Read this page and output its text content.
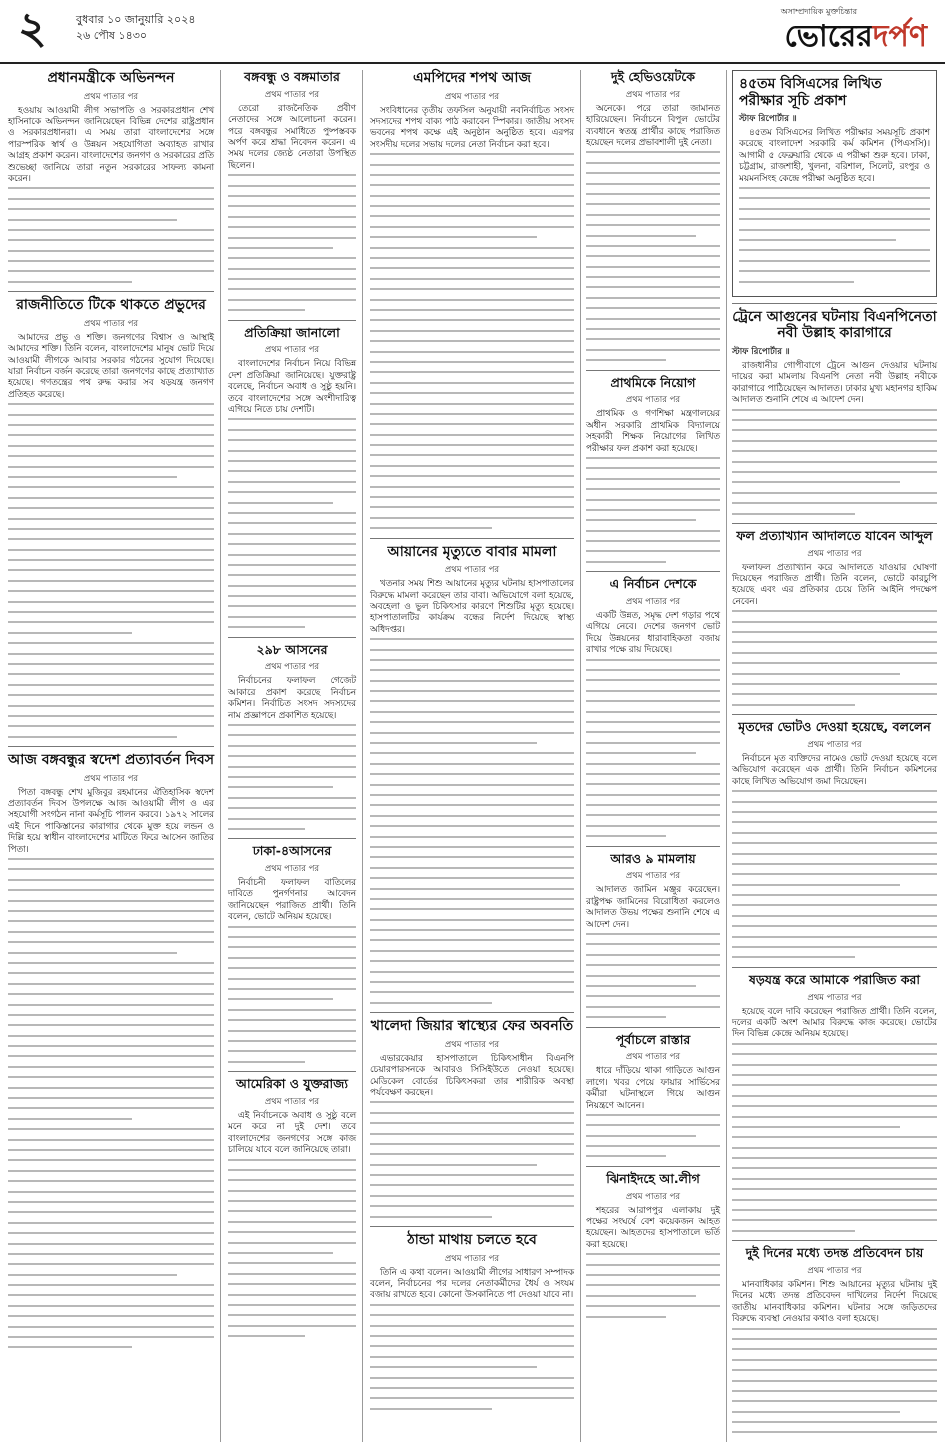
২	বুধবার ১০ জানুয়ারি ২০২৪
২৬ পৌষ ১৪৩০
অসাম্প্রদায়িক মুক্তচিন্তার
ভোরেরদর্পণ
প্রধানমন্ত্রীকে অভিনন্দন
প্রথম পাতার পর

হওয়ায় আওয়ামী লীগ সভাপতি ও সরকারপ্রধান শেখ হাসিনাকে অভিনন্দন জানিয়েছেন বিভিন্ন দেশের রাষ্ট্রপ্রধান ও সরকারপ্রধানরা। এ সময় তারা বাংলাদেশের সঙ্গে পারস্পরিক স্বার্থ ও উন্নয়ন সহযোগিতা অব্যাহত রাখার আগ্রহ প্রকাশ করেন। বাংলাদেশের জনগণ ও সরকারের প্রতি শুভেচ্ছা জানিয়ে তারা নতুন সরকারের সাফল্য কামনা করেন।

রাজনীতিতে টিকে থাকতে প্রভুদের
প্রথম পাতার পর

আমাদের প্রভু ও শক্তি। জনগণের বিশ্বাস ও আস্থাই আমাদের শক্তি। তিনি বলেন, বাংলাদেশের মানুষ ভোট দিয়ে আওয়ামী লীগকে আবার সরকার গঠনের সুযোগ দিয়েছে। যারা নির্বাচন বর্জন করেছে তারা জনগণের কাছে প্রত্যাখ্যাত হয়েছে। গণতন্ত্রের পথ রুদ্ধ করার সব ষড়যন্ত্র জনগণ প্রতিহত করেছে।

আজ বঙ্গবন্ধুর স্বদেশ প্রত্যাবর্তন দিবস
প্রথম পাতার পর

পিতা বঙ্গবন্ধু শেখ মুজিবুর রহমানের ঐতিহাসিক স্বদেশ প্রত্যাবর্তন দিবস উপলক্ষে আজ আওয়ামী লীগ ও এর সহযোগী সংগঠন নানা কর্মসূচি পালন করবে। ১৯৭২ সালের এই দিনে পাকিস্তানের কারাগার থেকে মুক্ত হয়ে লন্ডন ও দিল্লি হয়ে স্বাধীন বাংলাদেশের মাটিতে ফিরে আসেন জাতির পিতা।

বঙ্গবন্ধু ও বঙ্গমাতার
প্রথম পাতার পর

তেরো রাজনৈতিক প্রবীণ নেতাদের সঙ্গে আলোচনা করেন। পরে বঙ্গবন্ধুর সমাধিতে পুষ্পস্তবক অর্পণ করে শ্রদ্ধা নিবেদন করেন। এ সময় দলের জ্যেষ্ঠ নেতারা উপস্থিত ছিলেন।

প্রতিক্রিয়া জানালো
প্রথম পাতার পর

বাংলাদেশের নির্বাচন নিয়ে বিভিন্ন দেশ প্রতিক্রিয়া জানিয়েছে। যুক্তরাষ্ট্র বলেছে, নির্বাচন অবাধ ও সুষ্ঠু হয়নি। তবে বাংলাদেশের সঙ্গে অংশীদারিত্ব এগিয়ে নিতে চায় দেশটি।

২৯৮ আসনের
প্রথম পাতার পর

নির্বাচনের ফলাফল গেজেট আকারে প্রকাশ করেছে নির্বাচন কমিশন। নির্বাচিত সংসদ সদস্যদের নাম প্রজ্ঞাপনে প্রকাশিত হয়েছে।

ঢাকা-৪আসনের
প্রথম পাতার পর

নির্বাচনী ফলাফল বাতিলের দাবিতে পুনর্গণনার আবেদন জানিয়েছেন পরাজিত প্রার্থী। তিনি বলেন, ভোটে অনিয়ম হয়েছে।

আমেরিকা ও যুক্তরাজ্য
প্রথম পাতার পর

এই নির্বাচনকে অবাধ ও সুষ্ঠু বলে মনে করে না দুই দেশ। তবে বাংলাদেশের জনগণের সঙ্গে কাজ চালিয়ে যাবে বলে জানিয়েছে তারা।

এমপিদের শপথ আজ
প্রথম পাতার পর

সংবিধানের তৃতীয় তফসিল অনুযায়ী নবনির্বাচিত সংসদ সদস্যদের শপথ বাক্য পাঠ করাবেন স্পিকার। জাতীয় সংসদ ভবনের শপথ কক্ষে এই অনুষ্ঠান অনুষ্ঠিত হবে। এরপর সংসদীয় দলের সভায় দলের নেতা নির্বাচন করা হবে।

আয়ানের মৃত্যুতে বাবার মামলা
প্রথম পাতার পর

খতনার সময় শিশু আয়ানের মৃত্যুর ঘটনায় হাসপাতালের বিরুদ্ধে মামলা করেছেন তার বাবা। অভিযোগে বলা হয়েছে, অবহেলা ও ভুল চিকিৎসার কারণে শিশুটির মৃত্যু হয়েছে। হাসপাতালটির কার্যক্রম বন্ধের নির্দেশ দিয়েছে স্বাস্থ্য অধিদপ্তর।

খালেদা জিয়ার স্বাস্থ্যের ফের অবনতি
প্রথম পাতার পর

এভারকেয়ার হাসপাতালে চিকিৎসাধীন বিএনপি চেয়ারপারসনকে আবারও সিসিইউতে নেওয়া হয়েছে। মেডিকেল বোর্ডের চিকিৎসকরা তার শারীরিক অবস্থা পর্যবেক্ষণ করছেন।

ঠান্ডা মাথায় চলতে হবে
প্রথম পাতার পর

তিনি এ কথা বলেন। আওয়ামী লীগের সাধারণ সম্পাদক বলেন, নির্বাচনের পর দলের নেতাকর্মীদের ধৈর্য ও সংযম বজায় রাখতে হবে। কোনো উসকানিতে পা দেওয়া যাবে না।

দুই হেভিওয়েটকে
প্রথম পাতার পর

অনেকে। পরে তারা জামানত হারিয়েছেন। নির্বাচনে বিপুল ভোটের ব্যবধানে স্বতন্ত্র প্রার্থীর কাছে পরাজিত হয়েছেন দলের প্রভাবশালী দুই নেতা।

প্রাথমিকে নিয়োগ
প্রথম পাতার পর

প্রাথমিক ও গণশিক্ষা মন্ত্রণালয়ের অধীন সরকারি প্রাথমিক বিদ্যালয়ে সহকারী শিক্ষক নিয়োগের লিখিত পরীক্ষার ফল প্রকাশ করা হয়েছে।

এ নির্বাচন দেশকে
প্রথম পাতার পর

একটি উন্নত, সমৃদ্ধ দেশ গড়ার পথে এগিয়ে নেবে। দেশের জনগণ ভোট দিয়ে উন্নয়নের ধারাবাহিকতা বজায় রাখার পক্ষে রায় দিয়েছে।

আরও ৯ মামলায়
প্রথম পাতার পর

আদালত জামিন মঞ্জুর করেছেন। রাষ্ট্রপক্ষ জামিনের বিরোধিতা করলেও আদালত উভয় পক্ষের শুনানি শেষে এ আদেশ দেন।

পূর্বাচলে রাস্তার
প্রথম পাতার পর

ধারে দাঁড়িয়ে থাকা গাড়িতে আগুন লাগে। খবর পেয়ে ফায়ার সার্ভিসের কর্মীরা ঘটনাস্থলে গিয়ে আগুন নিয়ন্ত্রণে আনেন।

ঝিনাইদহে আ.লীগ
প্রথম পাতার পর

শহরের আরাপপুর এলাকায় দুই পক্ষের সংঘর্ষে বেশ কয়েকজন আহত হয়েছেন। আহতদের হাসপাতালে ভর্তি করা হয়েছে।

৪৫তম বিসিএসের লিখিত পরীক্ষার সূচি প্রকাশ
স্টাফ রিপোর্টার ॥

৪৫তম বিসিএসের লিখিত পরীক্ষার সময়সূচি প্রকাশ করেছে বাংলাদেশ সরকারি কর্ম কমিশন (পিএসসি)। আগামী ৫ ফেব্রুয়ারি থেকে এ পরীক্ষা শুরু হবে। ঢাকা, চট্টগ্রাম, রাজশাহী, খুলনা, বরিশাল, সিলেট, রংপুর ও ময়মনসিংহ কেন্দ্রে পরীক্ষা অনুষ্ঠিত হবে।

ট্রেনে আগুনের ঘটনায় বিএনপিনেতা নবী উল্লাহ কারাগারে
স্টাফ রিপোর্টার ॥

রাজধানীর গোপীবাগে ট্রেনে আগুন দেওয়ার ঘটনায় দায়ের করা মামলায় বিএনপি নেতা নবী উল্লাহ নবীকে কারাগারে পাঠিয়েছেন আদালত। ঢাকার মুখ্য মহানগর হাকিম আদালত শুনানি শেষে এ আদেশ দেন।

ফল প্রত্যাখ্যান আদালতে যাবেন আব্দুল
প্রথম পাতার পর

ফলাফল প্রত্যাখ্যান করে আদালতে যাওয়ার ঘোষণা দিয়েছেন পরাজিত প্রার্থী। তিনি বলেন, ভোটে কারচুপি হয়েছে এবং এর প্রতিকার চেয়ে তিনি আইনি পদক্ষেপ নেবেন।

মৃতদের ভোটও দেওয়া হয়েছে, বললেন
প্রথম পাতার পর

নির্বাচনে মৃত ব্যক্তিদের নামেও ভোট দেওয়া হয়েছে বলে অভিযোগ করেছেন এক প্রার্থী। তিনি নির্বাচন কমিশনের কাছে লিখিত অভিযোগ জমা দিয়েছেন।

ষড়যন্ত্র করে আমাকে পরাজিত করা
প্রথম পাতার পর

হয়েছে বলে দাবি করেছেন পরাজিত প্রার্থী। তিনি বলেন, দলের একটি অংশ আমার বিরুদ্ধে কাজ করেছে। ভোটের দিন বিভিন্ন কেন্দ্রে অনিয়ম হয়েছে।

দুই দিনের মধ্যে তদন্ত প্রতিবেদন চায়
প্রথম পাতার পর

মানবাধিকার কমিশন। শিশু আয়ানের মৃত্যুর ঘটনায় দুই দিনের মধ্যে তদন্ত প্রতিবেদন দাখিলের নির্দেশ দিয়েছে জাতীয় মানবাধিকার কমিশন। ঘটনার সঙ্গে জড়িতদের বিরুদ্ধে ব্যবস্থা নেওয়ার কথাও বলা হয়েছে।
